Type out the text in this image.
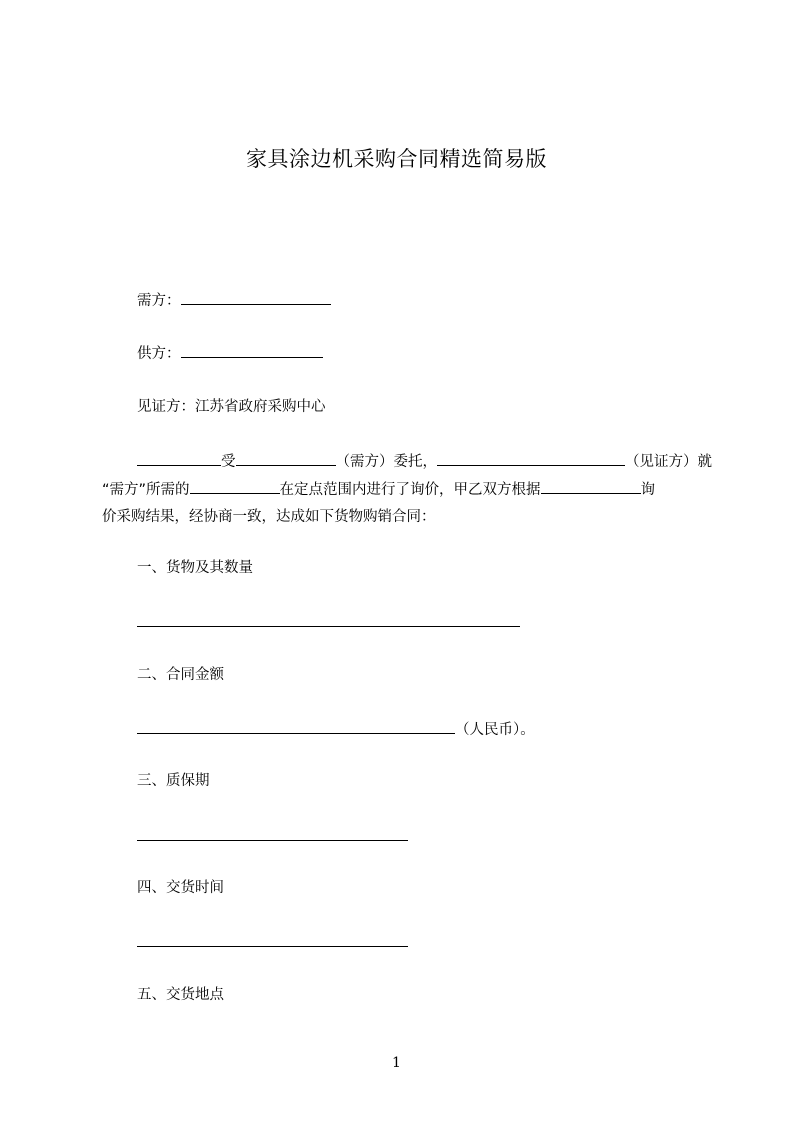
家具涂边机采购合同精选简易版
需方：
供方：
见证方：江苏省政府采购中心
受	（需方）委托，	（见证方）就
“需方”所需的	在定点范围内进行了询价，甲乙双方根据	询
价采购结果，经协商一致，达成如下货物购销合同：
一、货物及其数量
二、合同金额
（人民币）。
三、质保期
四、交货时间
五、交货地点
1
